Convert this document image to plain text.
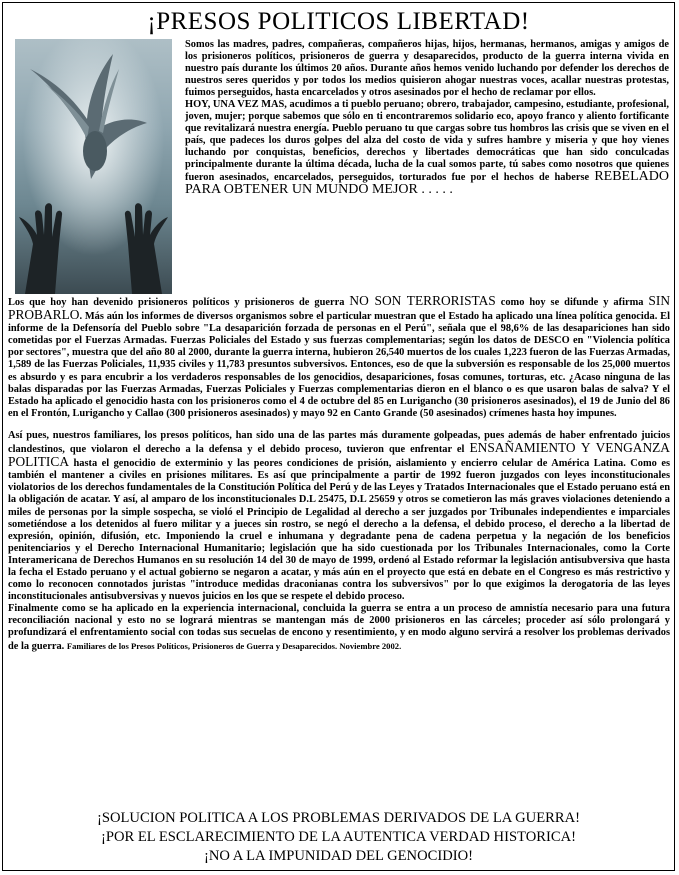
¡PRESOS POLITICOS LIBERTAD!

Somos las madres, padres, compañeras, compañeros hijas, hijos, hermanas, hermanos, amigas y amigos de los prisioneros políticos, prisioneros de guerra y desaparecidos, producto de la guerra interna vivida en nuestro país durante los últimos 20 años. Durante años hemos venido luchando por defender los derechos de nuestros seres queridos y por todos los medios quisieron ahogar nuestras voces, acallar nuestras protestas, fuimos perseguidos, hasta encarcelados y otros asesinados por el hecho de reclamar por ellos.

HOY, UNA VEZ MAS, acudimos a ti pueblo peruano; obrero, trabajador, campesino, estudiante, profesional, joven, mujer; porque sabemos que sólo en ti encontraremos solidario eco, apoyo franco y aliento fortificante que revitalizará nuestra energía. Pueblo peruano tu que cargas sobre tus hombros las crisis que se viven en el país, que padeces los duros golpes del alza del costo de vida y sufres hambre y miseria y que hoy vienes luchando por conquistas, beneficios, derechos y libertades democráticas que han sido conculcadas principalmente durante la última década, lucha de la cual somos parte, tú sabes como nosotros que quienes fueron asesinados, encarcelados, perseguidos, torturados fue por el hechos de haberse REBELADO PARA OBTENER UN MUNDO MEJOR . . . . .

Los que hoy han devenido prisioneros políticos y prisioneros de guerra NO SON TERRORISTAS como hoy se difunde y afirma SIN PROBARLO. Más aún los informes de diversos organismos sobre el particular muestran que el Estado ha aplicado una línea política genocida. El informe de la Defensoría del Pueblo sobre "La desaparición forzada de personas en el Perú", señala que el 98,6% de las desapariciones han sido cometidas por el Fuerzas Armadas. Fuerzas Policiales del Estado y sus fuerzas complementarias; según los datos de DESCO en "Violencia política por sectores", muestra que del año 80 al 2000, durante la guerra interna, hubieron 26,540 muertos de los cuales 1,223 fueron de las Fuerzas Armadas, 1,589 de las Fuerzas Policiales, 11,935 civiles y 11,783 presuntos subversivos. Entonces, eso de que la subversión es responsable de los 25,000 muertos es absurdo y es para encubrir a los verdaderos responsables de los genocidios, desapariciones, fosas comunes, torturas, etc. ¿Acaso ninguna de las balas disparadas por las Fuerzas Armadas, Fuerzas Policiales y Fuerzas complementarias dieron en el blanco o es que usaron balas de salva? Y el Estado ha aplicado el genocidio hasta con los prisioneros como el 4 de octubre del 85 en Lurigancho (30 prisioneros asesinados), el 19 de Junio del 86 en el Frontón, Lurigancho y Callao (300 prisioneros asesinados) y mayo 92 en Canto Grande (50 asesinados) crímenes hasta hoy impunes.

Así pues, nuestros familiares, los presos políticos, han sido una de las partes más duramente golpeadas, pues además de haber enfrentado juicios clandestinos, que violaron el derecho a la defensa y el debido proceso, tuvieron que enfrentar el ENSAÑAMIENTO Y VENGANZA POLITICA hasta el genocidio de exterminio y las peores condiciones de prisión, aislamiento y encierro celular de América Latina. Como es también el mantener a civiles en prisiones militares. Es así que principalmente a partir de 1992 fueron juzgados con leyes inconstitucionales violatorios de los derechos fundamentales de la Constitución Política del Perú y de las Leyes y Tratados Internacionales que el Estado peruano está en la obligación de acatar. Y así, al amparo de los inconstitucionales D.L 25475, D.L 25659 y otros se cometieron las más graves violaciones deteniendo a miles de personas por la simple sospecha, se violó el Principio de Legalidad al derecho a ser juzgados por Tribunales independientes e imparciales sometiéndose a los detenidos al fuero militar y a jueces sin rostro, se negó el derecho a la defensa, el debido proceso, el derecho a la libertad de expresión, opinión, difusión, etc. Imponiendo la cruel e inhumana y degradante pena de cadena perpetua y la negación de los beneficios penitenciarios y el Derecho Internacional Humanitario; legislación que ha sido cuestionada por los Tribunales Internacionales, como la Corte Interamericana de Derechos Humanos en su resolución 14 del 30 de mayo de 1999, ordenó al Estado reformar la legislación antisubversiva que hasta la fecha el Estado peruano y el actual gobierno se negaron a acatar, y más aún en el proyecto que está en debate en el Congreso es más restrictivo y como lo reconocen connotados juristas "introduce medidas draconianas contra los subversivos" por lo que exigimos la derogatoria de las leyes inconstitucionales antisubversivas y nuevos juicios en los que se respete el debido proceso.

Finalmente como se ha aplicado en la experiencia internacional, concluida la guerra se entra a un proceso de amnistía necesario para una futura reconciliación nacional y esto no se logrará mientras se mantengan más de 2000 prisioneros en las cárceles; proceder así sólo prolongará y profundizará el enfrentamiento social con todas sus secuelas de encono y resentimiento, y en modo alguno servirá a resolver los problemas derivados de la guerra. Familiares de los Presos Políticos, Prisioneros de Guerra y Desaparecidos. Noviembre 2002.

¡SOLUCION POLITICA A LOS PROBLEMAS DERIVADOS DE LA GUERRA!
¡POR EL ESCLARECIMIENTO DE LA AUTENTICA VERDAD HISTORICA!
¡NO A LA IMPUNIDAD DEL GENOCIDIO!
